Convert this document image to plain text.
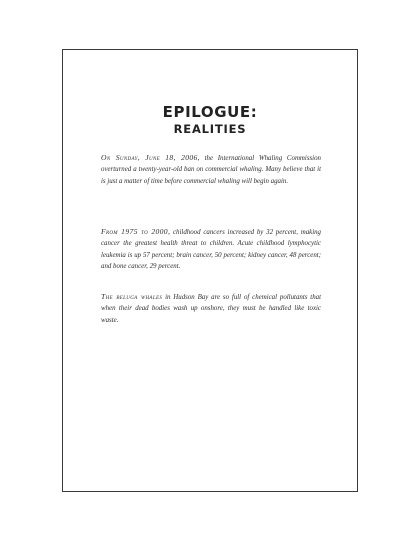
EPILOGUE:
REALITIES

On Sunday, June 18, 2006, the International Whaling Commission overturned a twenty-year-old ban on commercial whaling. Many believe that it is just a matter of time before commercial whaling will begin again.

From 1975 to 2000, childhood cancers increased by 32 percent, making cancer the greatest health threat to children. Acute childhood lymphocytic leukemia is up 57 percent; brain cancer, 50 percent; kidney cancer, 48 percent; and bone cancer, 29 percent.

The beluga whales in Hudson Bay are so full of chemical pollutants that when their dead bodies wash up onshore, they must be handled like toxic waste.
